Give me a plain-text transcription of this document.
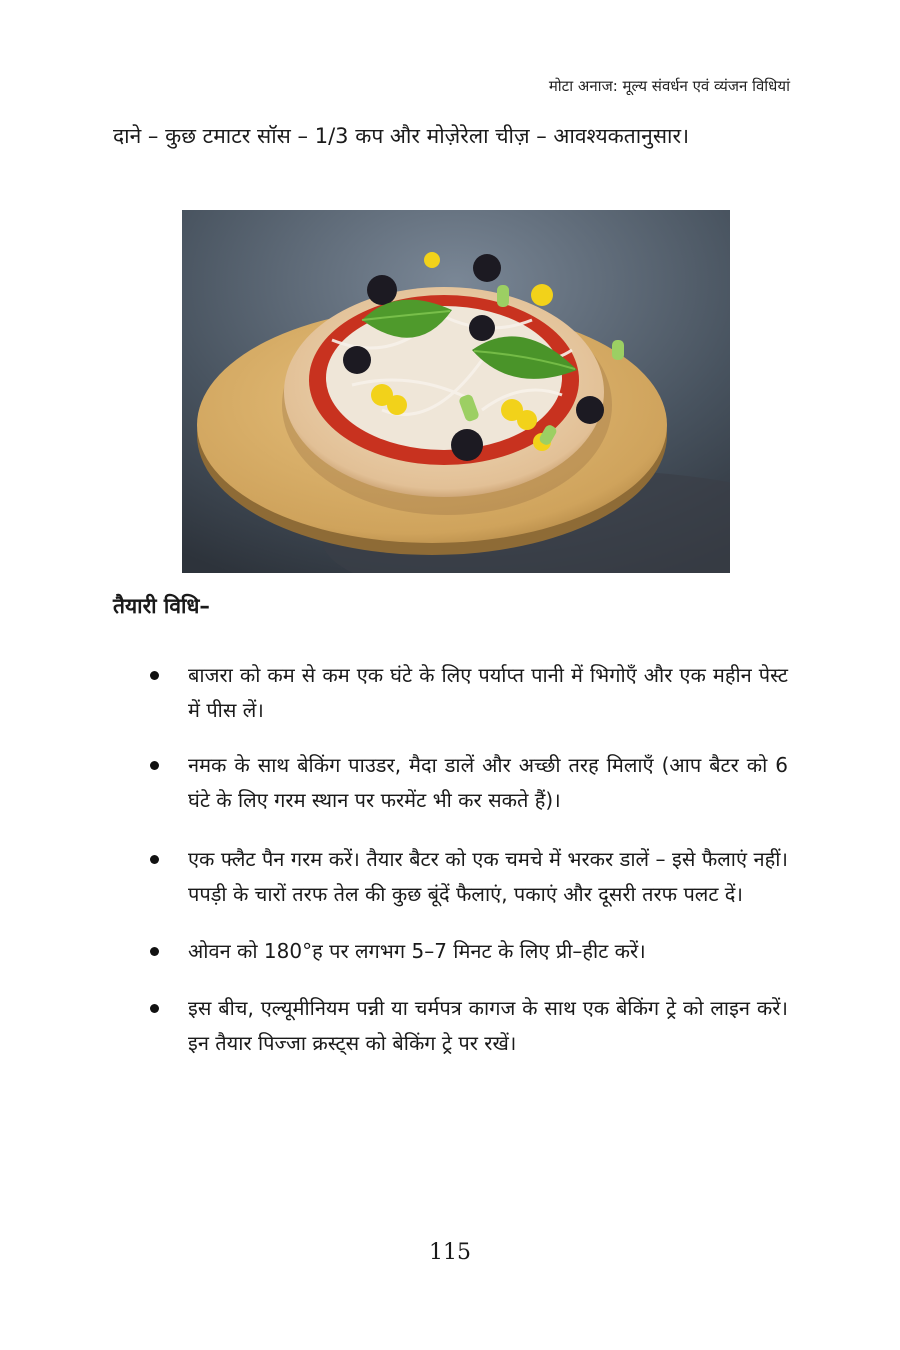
मोटा अनाज: मूल्य संवर्धन एवं व्यंजन विधियां

दाने – कुछ टमाटर सॉस – 1/3 कप और मोज़ेरेला चीज़ – आवश्यकतानुसार।

तैयारी विधि–
बाजरा को कम से कम एक घंटे के लिए पर्याप्त पानी में भिगोएँ और एक महीन पेस्ट में पीस लें।
नमक के साथ बेकिंग पाउडर, मैदा डालें और अच्छी तरह मिलाएँ (आप बैटर को 6 घंटे के लिए गरम स्थान पर फरमेंट भी कर सकते हैं)।
एक फ्लैट पैन गरम करें। तैयार बैटर को एक चमचे में भरकर डालें – इसे फैलाएं नहीं। पपड़ी के चारों तरफ तेल की कुछ बूंदें फैलाएं, पकाएं और दूसरी तरफ पलट दें।
ओवन को 180°ह पर लगभग 5–7 मिनट के लिए प्री–हीट करें।
इस बीच, एल्यूमीनियम पन्नी या चर्मपत्र कागज के साथ एक बेकिंग ट्रे को लाइन करें। इन तैयार पिज्जा क्रस्ट्स को बेकिंग ट्रे पर रखें।
115
